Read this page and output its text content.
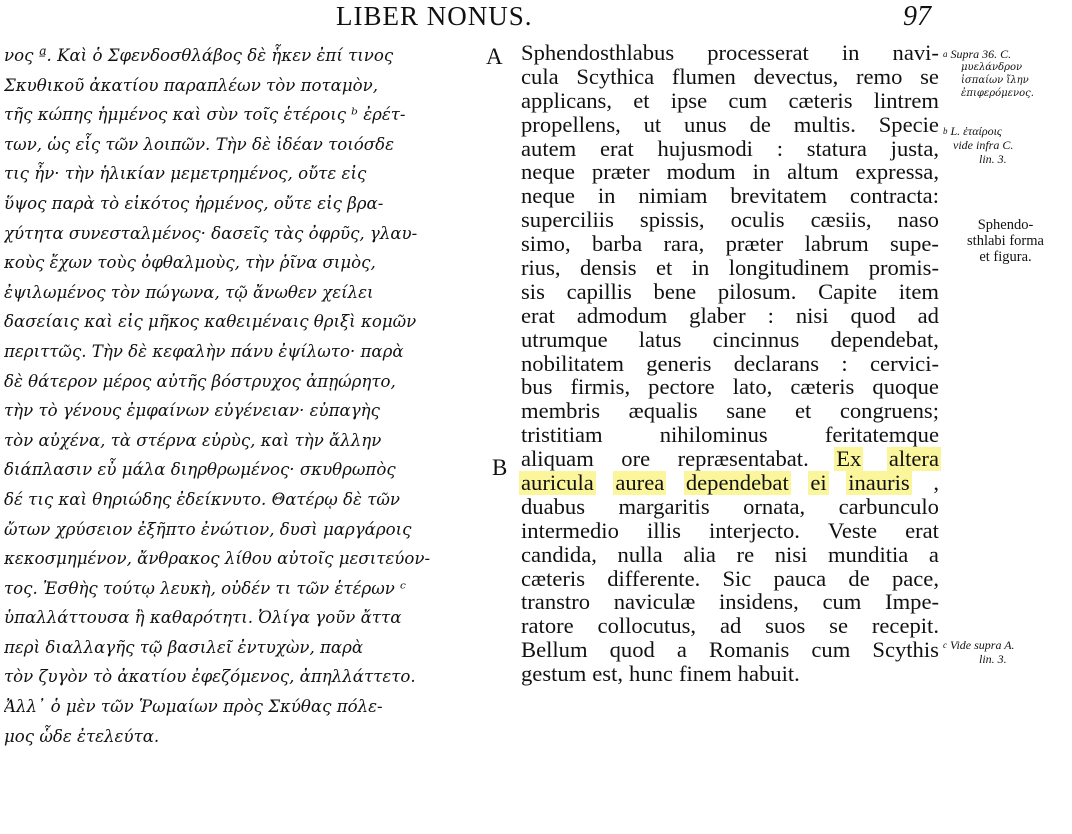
LIBER NONUS.	97
νος ª. Καὶ ὁ Σφενδοσθλάβος δὲ ἧκεν ἐπί τινος
Σκυθικοῦ ἀκατίου παραπλέων τὸν ποταμὸν,
τῆς κώπης ἡμμένος καὶ σὺν τοῖς ἑτέροις ᵇ ἐρέτ-
των, ὡς εἷς τῶν λοιπῶν. Τὴν δὲ ἰδέαν τοιόσδε
τις ἦν· τὴν ἡλικίαν μεμετρημένος, οὔτε εἰς
ὕψος παρὰ τὸ εἰκότος ἠρμένος, οὔτε εἰς βρα-
χύτητα συνεσταλμένος· δασεῖς τὰς ὀφρῦς, γλαυ-
κοὺς ἔχων τοὺς ὀφθαλμοὺς, τὴν ῥῖνα σιμὸς,
ἐψιλωμένος τὸν πώγωνα, τῷ ἄνωθεν χείλει
δασείαις καὶ εἰς μῆκος καθειμέναις θριξὶ κομῶν
περιττῶς. Τὴν δὲ κεφαλὴν πάνυ ἐψίλωτο· παρὰ
δὲ θάτερον μέρος αὐτῆς βόστρυχος ἀπῃώρητο,
τὴν τὸ γένους ἐμφαίνων εὐγένειαν· εὐπαγὴς
τὸν αὐχένα, τὰ στέρνα εὐρὺς, καὶ τὴν ἄλλην
διάπλασιν εὖ μάλα διηρθρωμένος· σκυθρωπὸς
δέ τις καὶ θηριώδης ἐδείκνυτο. Θατέρῳ δὲ τῶν
ὤτων χρύσειον ἐξῆπτο ἐνώτιον, δυσὶ μαργάροις
κεκοσμημένον, ἄνθρακος λίθου αὐτοῖς μεσιτεύον-
τος. Ἐσθὴς τούτῳ λευκὴ, οὐδέν τι τῶν ἑτέρων ᶜ
ὑπαλλάττουσα ἢ καθαρότητι. Ὀλίγα γοῦν ἄττα
περὶ διαλλαγῆς τῷ βασιλεῖ ἐντυχὼν, παρὰ
τὸν ζυγὸν τὸ ἀκατίου ἐφεζόμενος, ἀπηλλάττετο.
Ἀλλ᾿ ὁ μὲν τῶν Ῥωμαίων πρὸς Σκύθας πόλε-
μος ὧδε ἐτελεύτα.
A
B
Sphendosthlabus processerat in navi-
cula Scythica flumen devectus, remo se
applicans, et ipse cum cæteris lintrem
propellens, ut unus de multis. Specie
autem erat hujusmodi : statura justa,
neque præter modum in altum expressa,
neque in nimiam brevitatem contracta:
superciliis spissis, oculis cæsiis, naso
simo, barba rara, præter labrum supe-
rius, densis et in longitudinem promis-
sis capillis bene pilosum. Capite item
erat admodum glaber : nisi quod ad
utrumque latus cincinnus dependebat,
nobilitatem generis declarans : cervici-
bus firmis, pectore lato, cæteris quoque
membris æqualis sane et congruens;
tristitiam	nihilominus	feritatemque
aliquam ore repræsentabat. Ex altera
auricula aurea dependebat ei inauris ,
duabus margaritis ornata, carbunculo
intermedio illis interjecto. Veste erat
candida, nulla alia re nisi munditia a
cæteris differente. Sic pauca de pace,
transtro naviculæ insidens, cum Impe-
ratore collocutus, ad suos se recepit.
Bellum quod a Romanis cum Scythis
gestum est, hunc finem habuit.
$^a$ Supra 36. C.
μυελάνδρον
ἰσπαίων ἴλην
ἐπιφερόμενος.
$^b$ L. ἑταίροις
vide infra C.
lin. 3.
Sphendo-
sthlabi forma
et figura.
$^c$ Vide supra A.
lin. 3.
